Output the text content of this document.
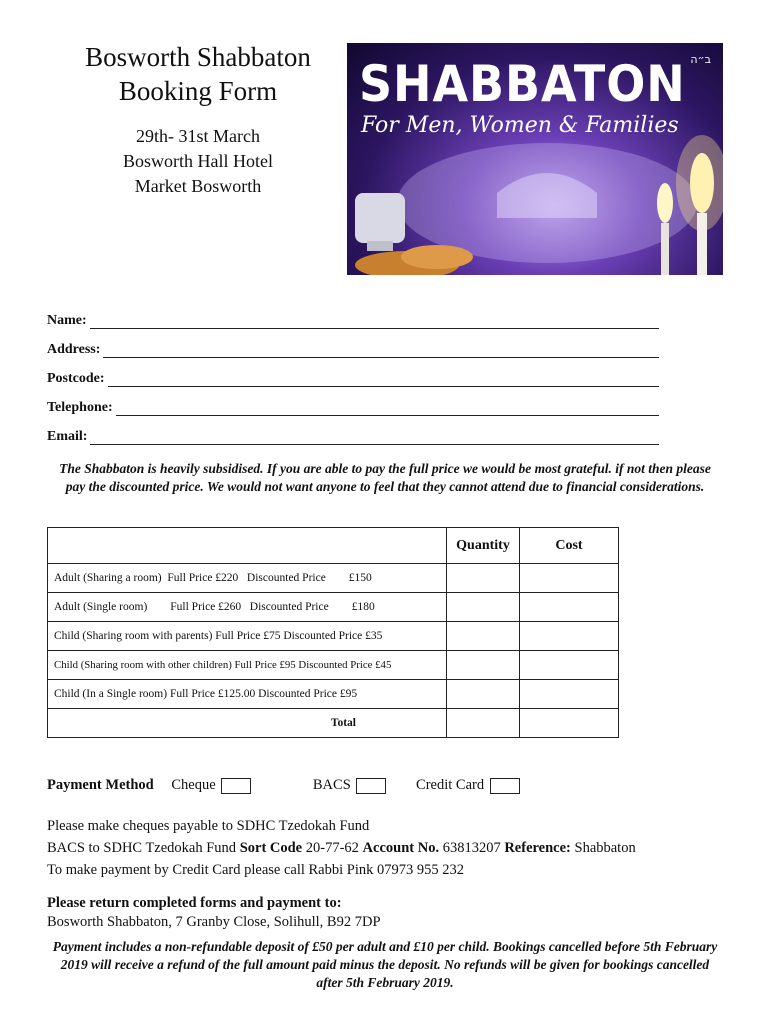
Bosworth Shabbaton
Booking Form
29th- 31st March
Bosworth Hall Hotel
Market Bosworth
ב״ה
SHABBATON
For Men, Women & Families
Name:
Address:
Postcode:
Telephone:
Email:
The Shabbaton is heavily subsidised. If you are able to pay the full price we would be most grateful. if not then please pay the discounted price. We would not want anyone to feel that they cannot attend due to financial considerations.
	Quantity	Cost
Adult (Sharing a room)  Full Price £220   Discounted Price        £150		
Adult (Single room)        Full Price £260   Discounted Price        £180		
Child (Sharing room with parents) Full Price £75 Discounted Price £35		
Child (Sharing room with other children) Full Price £95 Discounted Price £45		
Child (In a Single room) Full Price £125.00 Discounted Price £95		
Total		
Payment Method Cheque	BACS	Credit Card
Please make cheques payable to SDHC Tzedokah Fund
BACS to SDHC Tzedokah Fund Sort Code 20-77-62 Account No. 63813207 Reference: Shabbaton
To make payment by Credit Card please call Rabbi Pink 07973 955 232
Please return completed forms and payment to:
Bosworth Shabbaton, 7 Granby Close, Solihull, B92 7DP
Payment includes a non-refundable deposit of £50 per adult and £10 per child. Bookings cancelled before 5th February 2019 will receive a refund of the full amount paid minus the deposit. No refunds will be given for bookings cancelled after 5th February 2019.
